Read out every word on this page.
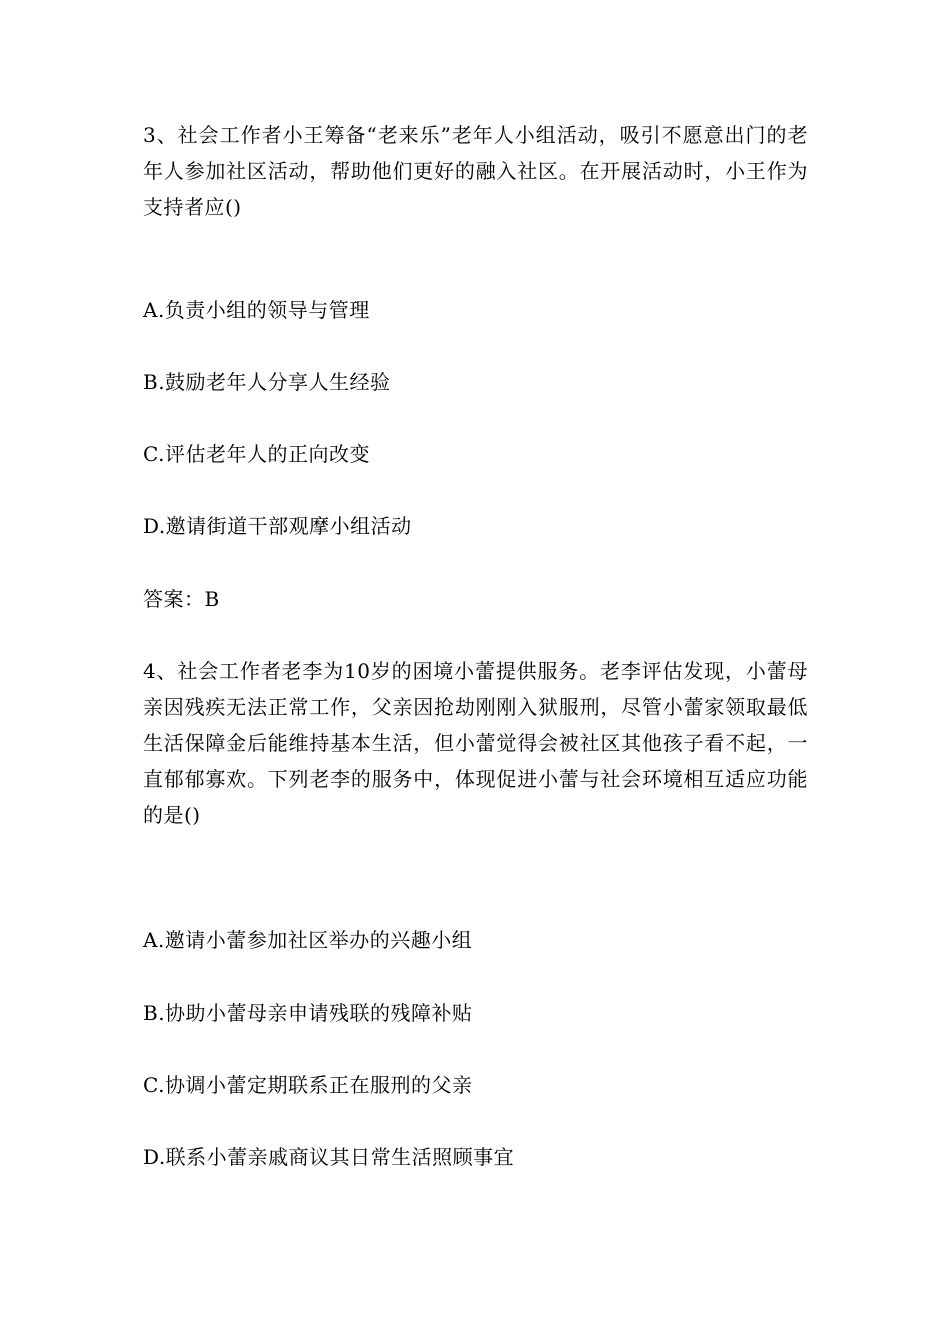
3、社会工作者小王筹备“老来乐”老年人小组活动，吸引不愿意出门的老年人参加社区活动，帮助他们更好的融入社区。在开展活动时，小王作为支持者应()
A.负责小组的领导与管理
B.鼓励老年人分享人生经验
C.评估老年人的正向改变
D.邀请街道干部观摩小组活动
答案：B
4、社会工作者老李为10岁的困境小蕾提供服务。老李评估发现，小蕾母亲因残疾无法正常工作，父亲因抢劫刚刚入狱服刑，尽管小蕾家领取最低生活保障金后能维持基本生活，但小蕾觉得会被社区其他孩子看不起，一直郁郁寡欢。下列老李的服务中，体现促进小蕾与社会环境相互适应功能的是()
A.邀请小蕾参加社区举办的兴趣小组
B.协助小蕾母亲申请残联的残障补贴
C.协调小蕾定期联系正在服刑的父亲
D.联系小蕾亲戚商议其日常生活照顾事宜
